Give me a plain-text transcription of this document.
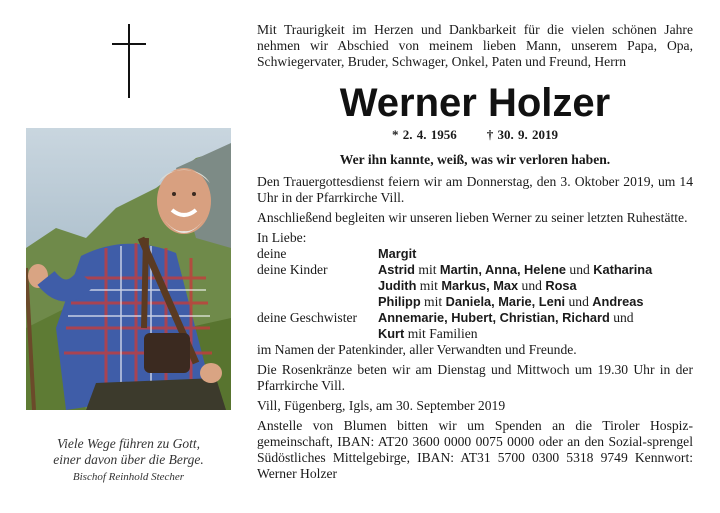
Viele Wege führen zu Gott,
einer davon über die Berge.
Bischof Reinhold Stecher

Mit Traurigkeit im Herzen und Dankbarkeit für die vielen schönen Jahre nehmen wir Abschied von meinem lieben Mann, unserem Papa, Opa, Schwiegervater, Bruder, Schwager, Onkel, Paten und Freund, Herrn

Werner Holzer
* 2. 4. 1956 † 30. 9. 2019
Wer ihn kannte, weiß, was wir verloren haben.

Den Trauergottesdienst feiern wir am Donnerstag, den 3. Oktober 2019, um 14 Uhr in der Pfarrkirche Vill.

Anschließend begleiten wir unseren lieben Werner zu seiner letzten Ruhestätte.

In Liebe:
deine	Margit
deine Kinder	Astrid mit Martin, Anna, Helene und Katharina
Judith mit Markus, Max und Rosa
Philipp mit Daniela, Marie, Leni und Andreas
deine Geschwister	Annemarie, Hubert, Christian, Richard und
Kurt mit Familien
im Namen der Patenkinder, aller Verwandten und Freunde.

Die Rosenkränze beten wir am Dienstag und Mittwoch um 19.30 Uhr in der Pfarrkirche Vill.

Vill, Fügenberg, Igls, am 30. September 2019

Anstelle von Blumen bitten wir um Spenden an die Tiroler Hospiz-gemeinschaft, IBAN: AT20 3600 0000 0075 0000 oder an den Sozial-sprengel Südöstliches Mittelgebirge, IBAN: AT31 5700 0300 5318 9749 Kennwort: Werner Holzer
